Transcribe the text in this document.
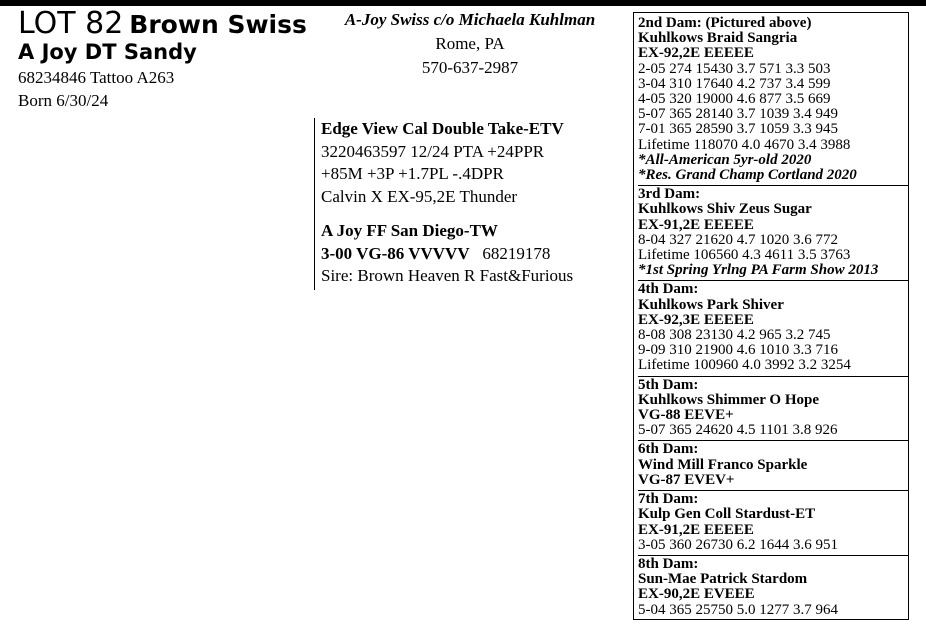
LOT 82 Brown Swiss
A Joy DT Sandy
68234846 Tattoo A263
Born 6/30/24
A-Joy Swiss c/o Michaela Kuhlman
Rome, PA
570-637-2987
Edge View Cal Double Take-ETV
3220463597 12/24 PTA +24PPR
+85M +3P +1.7PL -.4DPR
Calvin X EX-95,2E Thunder
A Joy FF San Diego-TW
3-00 VG-86 VVVVV 68219178
Sire: Brown Heaven R Fast&Furious
2nd Dam: (Pictured above)
Kuhlkows Braid Sangria
EX-92,2E EEEEE
2-05 274 15430 3.7 571 3.3 503
3-04 310 17640 4.2 737 3.4 599
4-05 320 19000 4.6 877 3.5 669
5-07 365 28140 3.7 1039 3.4 949
7-01 365 28590 3.7 1059 3.3 945
Lifetime 118070 4.0 4670 3.4 3988
*All-American 5yr-old 2020
*Res. Grand Champ Cortland 2020
3rd Dam:
Kuhlkows Shiv Zeus Sugar
EX-91,2E EEEEE
8-04 327 21620 4.7 1020 3.6 772
Lifetime 106560 4.3 4611 3.5 3763
*1st Spring Yrlng PA Farm Show 2013
4th Dam:
Kuhlkows Park Shiver
EX-92,3E EEEEE
8-08 308 23130 4.2 965 3.2 745
9-09 310 21900 4.6 1010 3.3 716
Lifetime 100960 4.0 3992 3.2 3254
5th Dam:
Kuhlkows Shimmer O Hope
VG-88 EEVE+
5-07 365 24620 4.5 1101 3.8 926
6th Dam:
Wind Mill Franco Sparkle
VG-87 EVEV+
7th Dam:
Kulp Gen Coll Stardust-ET
EX-91,2E EEEEE
3-05 360 26730 6.2 1644 3.6 951
8th Dam:
Sun-Mae Patrick Stardom
EX-90,2E EVEEE
5-04 365 25750 5.0 1277 3.7 964
